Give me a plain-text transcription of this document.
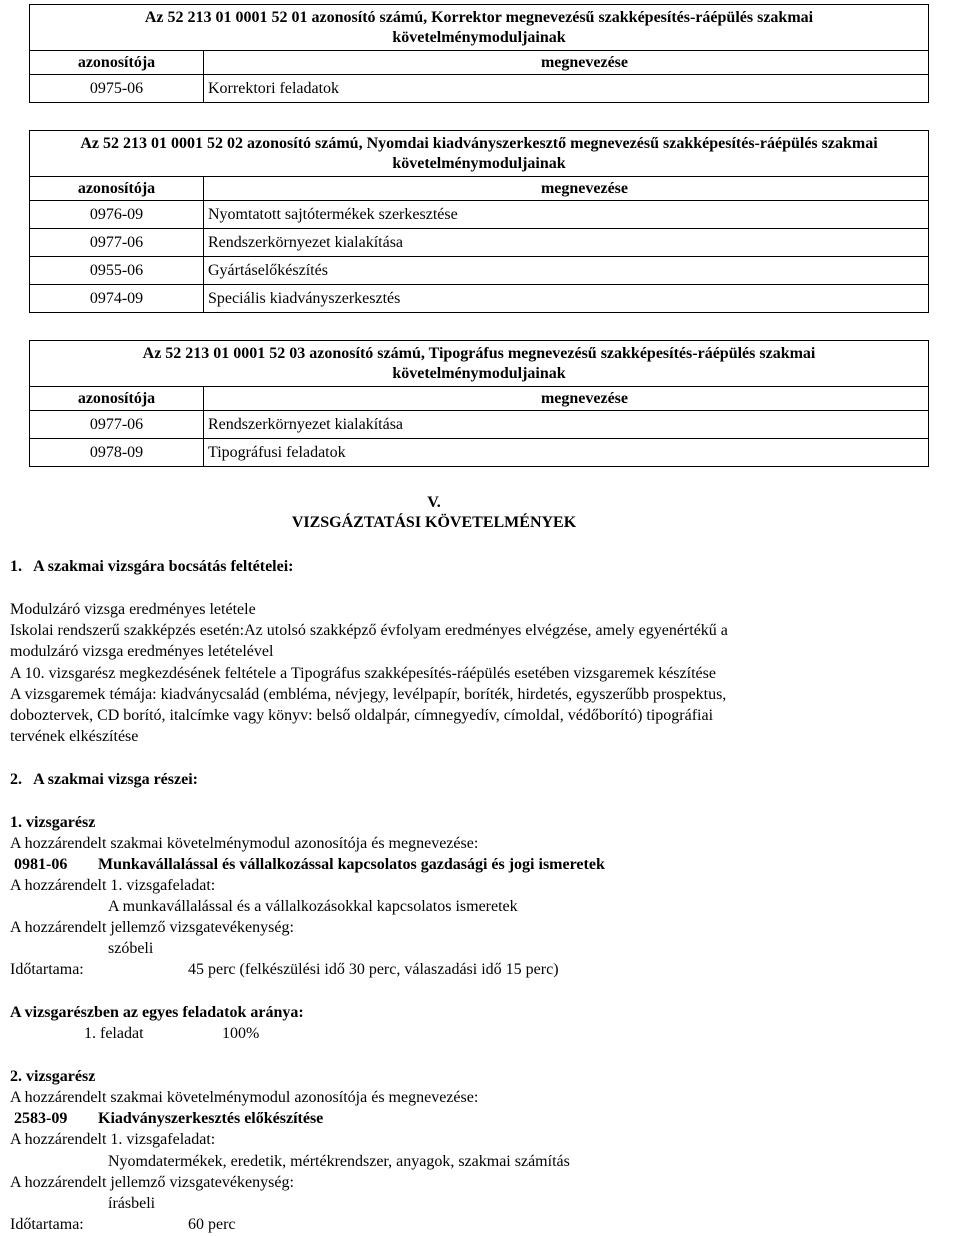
Az 52 213 01 0001 52 01 azonosító számú, Korrektor megnevezésű szakképesítés-ráépülés szakmai
követelménymoduljainak	

azonosítója	megnevezése
0975-06	Korrektori feladatok
Az 52 213 01 0001 52 02 azonosító számú, Nyomdai kiadványszerkesztő megnevezésű szakképesítés-ráépülés szakmai
követelménymoduljainak	

azonosítója	megnevezése
0976-09	Nyomtatott sajtótermékek szerkesztése
0977-06	Rendszerkörnyezet kialakítása
0955-06	Gyártáselőkészítés
0974-09	Speciális kiadványszerkesztés
Az 52 213 01 0001 52 03 azonosító számú, Tipográfus megnevezésű szakképesítés-ráépülés szakmai
követelménymoduljainak	

azonosítója	megnevezése
0977-06	Rendszerkörnyezet kialakítása
0978-09	Tipográfusi feladatok
V.
VIZSGÁZTATÁSI KÖVETELMÉNYEK
1.   A szakmai vizsgára bocsátás feltételei:
Modulzáró vizsga eredményes letétele
Iskolai rendszerű szakképzés esetén:Az utolsó szakképző évfolyam eredményes elvégzése, amely egyenértékű a
modulzáró vizsga eredményes letételével
A 10. vizsgarész megkezdésének feltétele a Tipográfus szakképesítés-ráépülés esetében vizsgaremek készítése
A vizsgaremek témája: kiadványcsalád (embléma, névjegy, levélpapír, boríték, hirdetés, egyszerűbb prospektus,
doboztervek, CD borító, italcímke vagy könyv: belső oldalpár, címnegyedív, címoldal, védőborító) tipográfiai
tervének elkészítése
2.   A szakmai vizsga részei:
1. vizsgarész
A hozzárendelt szakmai követelménymodul azonosítója és megnevezése:
0981-06 Munkavállalással és vállalkozással kapcsolatos gazdasági és jogi ismeretek
A hozzárendelt 1. vizsgafeladat:
A munkavállalással és a vállalkozásokkal kapcsolatos ismeretek
A hozzárendelt jellemző vizsgatevékenység:
szóbeli
Időtartama:	45 perc (felkészülési idő 30 perc, válaszadási idő 15 perc)
A vizsgarészben az egyes feladatok aránya:
1. feladat	100%
2. vizsgarész
A hozzárendelt szakmai követelménymodul azonosítója és megnevezése:
2583-09 Kiadványszerkesztés előkészítése
A hozzárendelt 1. vizsgafeladat:
Nyomdatermékek, eredetik, mértékrendszer, anyagok, szakmai számítás
A hozzárendelt jellemző vizsgatevékenység:
írásbeli
Időtartama:	60 perc
